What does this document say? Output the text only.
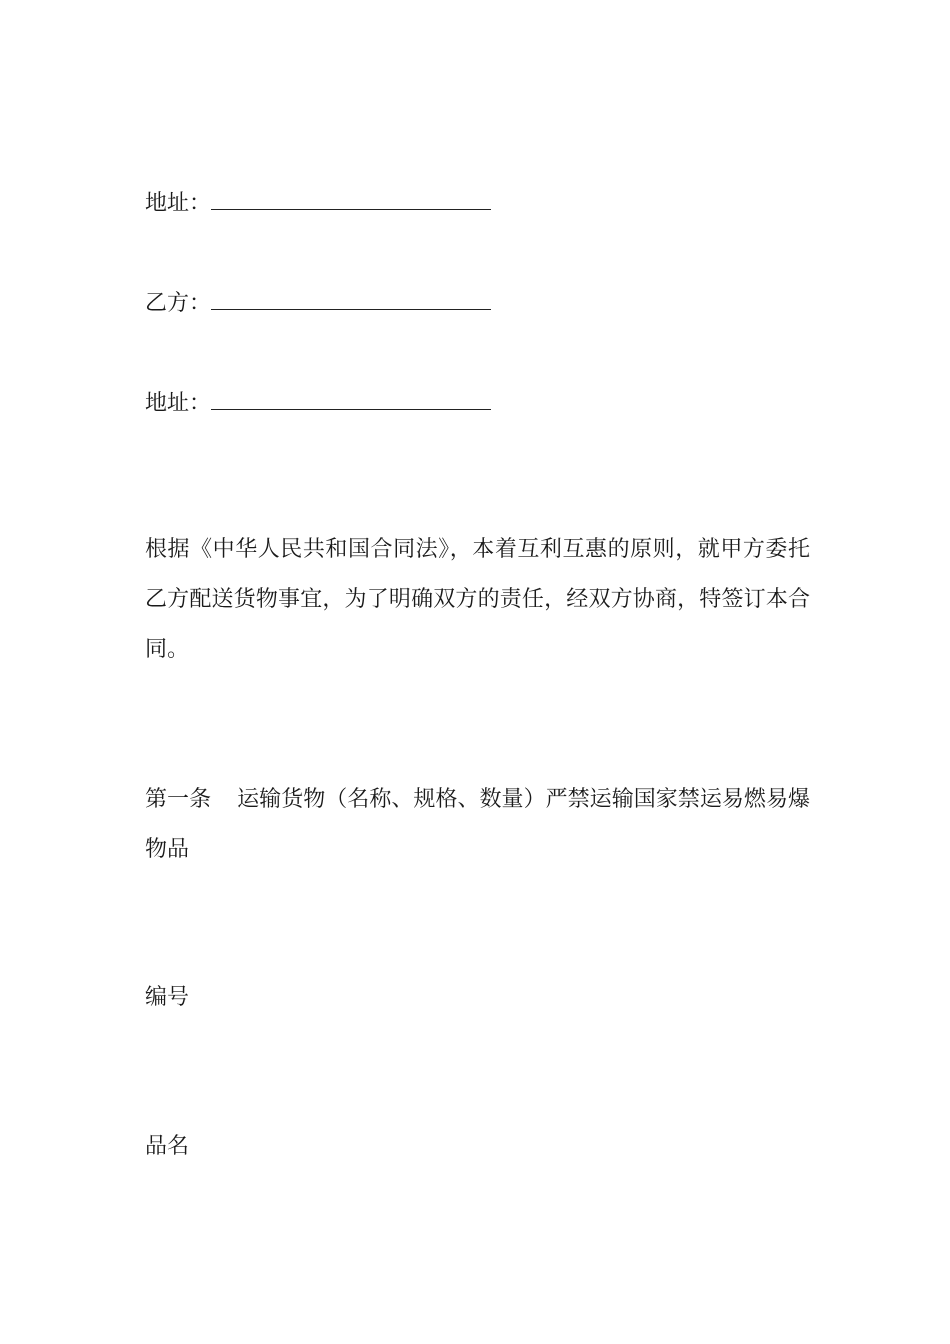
地址：
乙方：
地址：
根据《中华人民共和国合同法》，本着互利互惠的原则，就甲方委托乙方配送货物事宜，为了明确双方的责任，经双方协商，特签订本合同。
第一条 运输货物（名称、规格、数量）严禁运输国家禁运易燃易爆物品
编号
品名
